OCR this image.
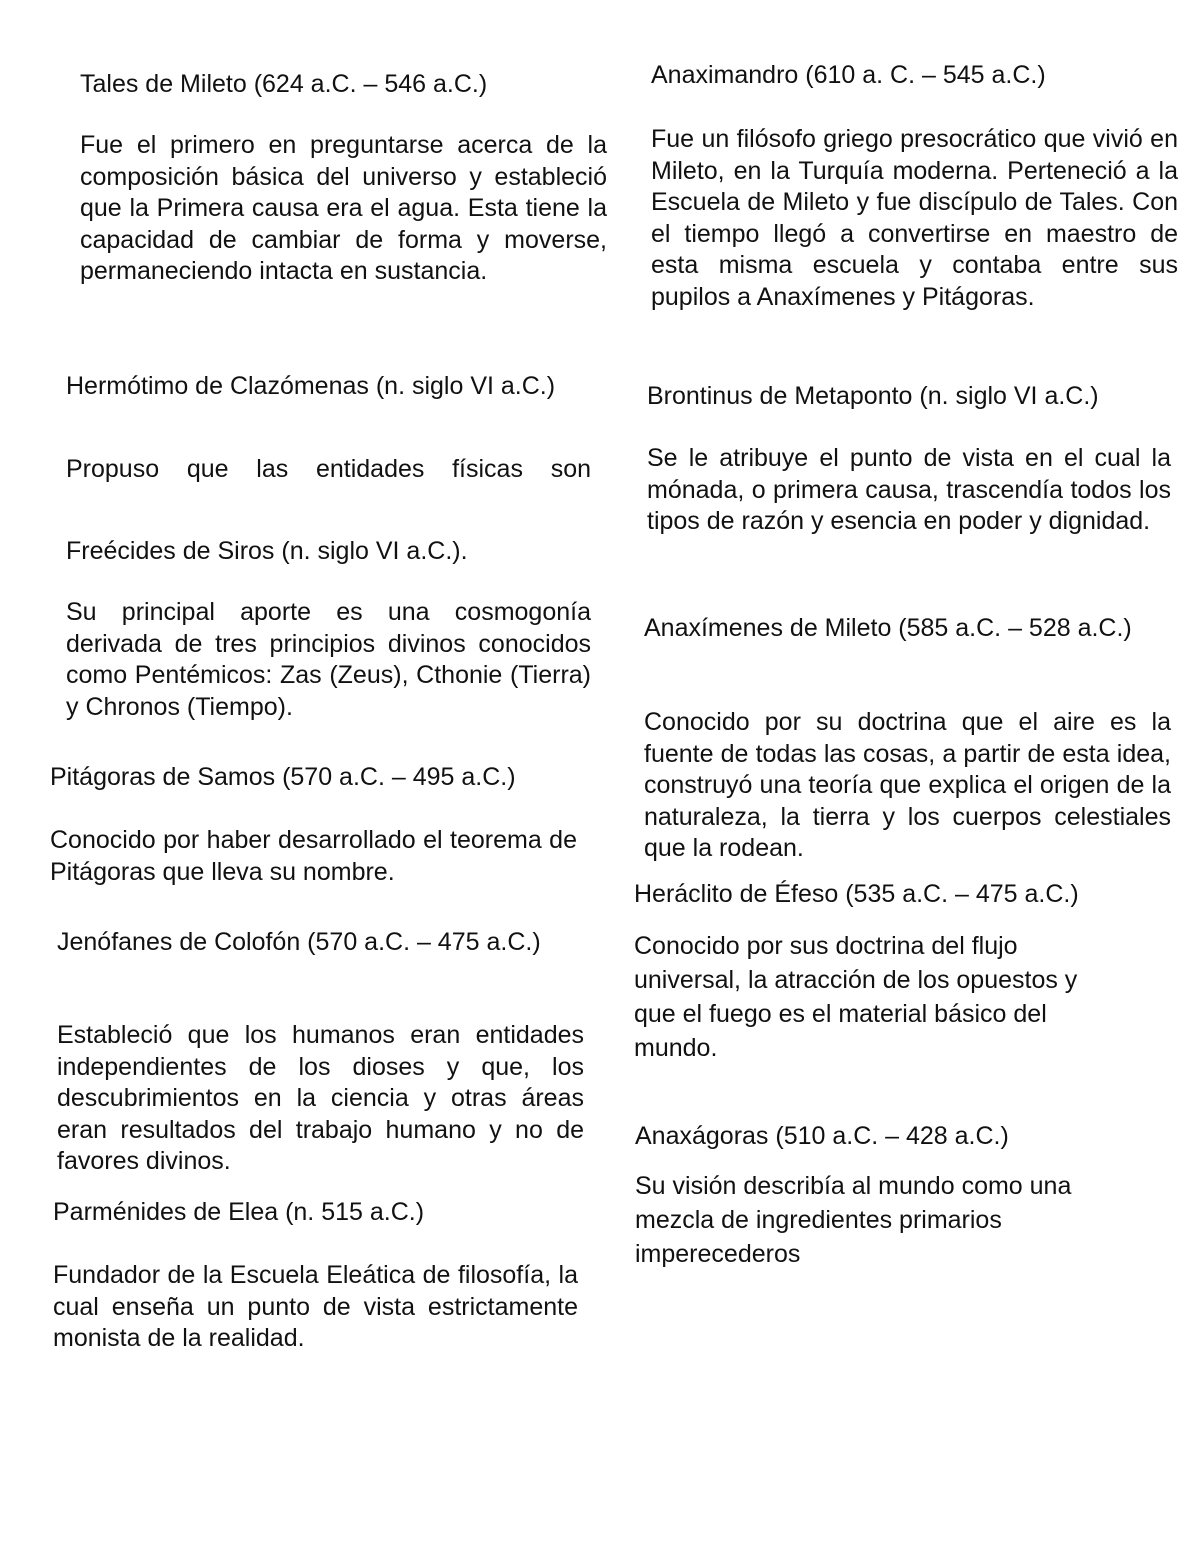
Tales de Mileto (624 a.C. – 546 a.C.)

Fue el primero en preguntarse acerca de la composición básica del universo y estableció que la Primera causa era el agua. Esta tiene la capacidad de cambiar de forma y moverse, permaneciendo intacta en sustancia.

Hermótimo de Clazómenas (n. siglo VI a.C.)

Propuso que las entidades físicas son

Freécides de Siros (n. siglo VI a.C.).

Su principal aporte es una cosmogonía derivada de tres principios divinos conocidos como Pentémicos: Zas (Zeus), Cthonie (Tierra) y Chronos (Tiempo).

Pitágoras de Samos (570 a.C. – 495 a.C.)

Conocido por haber desarrollado el teorema de Pitágoras que lleva su nombre.

Jenófanes de Colofón (570 a.C. – 475 a.C.)

Estableció que los humanos eran entidades independientes de los dioses y que, los descubrimientos en la ciencia y otras áreas eran resultados del trabajo humano y no de favores divinos.

Parménides de Elea (n. 515 a.C.)

Fundador de la Escuela Eleática de filosofía, la cual enseña un punto de vista estrictamente monista de la realidad.

Anaximandro (610 a. C. – 545 a.C.)

Fue un filósofo griego presocrático que vivió en Mileto, en la Turquía moderna. Perteneció a la Escuela de Mileto y fue discípulo de Tales. Con el tiempo llegó a convertirse en maestro de esta misma escuela y contaba entre sus pupilos a Anaxímenes y Pitágoras.

Brontinus de Metaponto (n. siglo VI a.C.)

Se le atribuye el punto de vista en el cual la mónada, o primera causa, trascendía todos los tipos de razón y esencia en poder y dignidad.

Anaxímenes de Mileto (585 a.C. – 528 a.C.)

Conocido por su doctrina que el aire es la fuente de todas las cosas, a partir de esta idea, construyó una teoría que explica el origen de la naturaleza, la tierra y los cuerpos celestiales que la rodean.

Heráclito de Éfeso (535 a.C. – 475 a.C.)

Conocido por sus doctrina del flujo
universal, la atracción de los opuestos y
que el fuego es el material básico del
mundo.

Anaxágoras (510 a.C. – 428 a.C.)

Su visión describía al mundo como una
mezcla de ingredientes primarios
imperecederos
